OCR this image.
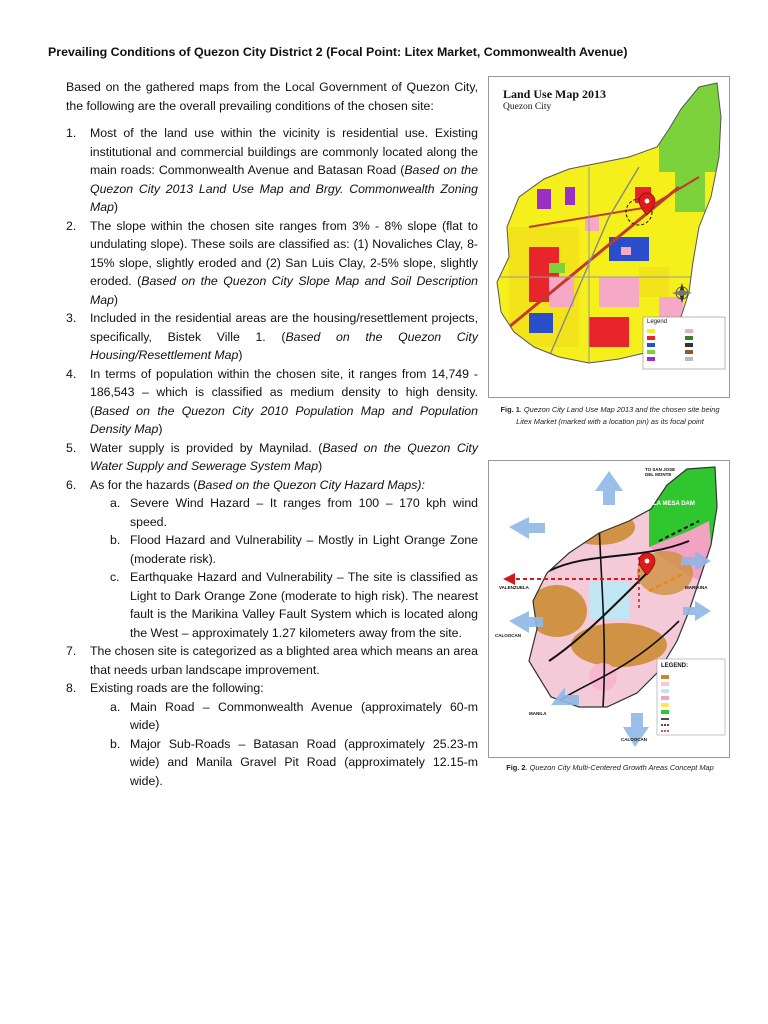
Prevailing Conditions of Quezon City District 2 (Focal Point: Litex Market, Commonwealth Avenue)

Based on the gathered maps from the Local Government of Quezon City, the following are the overall prevailing conditions of the chosen site:

1. Most of the land use within the vicinity is residential use. Existing institutional and commercial buildings are commonly located along the main roads: Commonwealth Avenue and Batasan Road (Based on the Quezon City 2013 Land Use Map and Brgy. Commonwealth Zoning Map)
2. The slope within the chosen site ranges from 3% - 8% slope (flat to undulating slope). These soils are classified as: (1) Novaliches Clay, 8-15% slope, slightly eroded and (2) San Luis Clay, 2-5% slope, slightly eroded. (Based on the Quezon City Slope Map and Soil Description Map)
3. Included in the residential areas are the housing/resettlement projects, specifically, Bistek Ville 1. (Based on the Quezon City Housing/Resettlement Map)
4. In terms of population within the chosen site, it ranges from 14,749 - 186,543 – which is classified as medium density to high density. (Based on the Quezon City 2010 Population Map and Population Density Map)
5. Water supply is provided by Maynilad. (Based on the Quezon City Water Supply and Sewerage System Map)
6. As for the hazards (Based on the Quezon City Hazard Maps):
a. Severe Wind Hazard – It ranges from 100 – 170 kph wind speed.
b. Flood Hazard and Vulnerability – Mostly in Light Orange Zone (moderate risk).
c. Earthquake Hazard and Vulnerability – The site is classified as Light to Dark Orange Zone (moderate to high risk). The nearest fault is the Marikina Valley Fault System which is located along the West – approximately 1.27 kilometers away from the site.
7. The chosen site is categorized as a blighted area which means an area that needs urban landscape improvement.
8. Existing roads are the following:
a. Main Road – Commonwealth Avenue (approximately 60-m wide)
b. Major Sub-Roads – Batasan Road (approximately 25.23-m wide) and Manila Gravel Pit Road (approximately 12.15-m wide).
Land Use Map 2013
Quezon City
Legend
Fig. 1. Quezon City Land Use Map 2013 and the chosen site being Litex Market (marked with a location pin) as its focal point
LA MESA DAM
TO SAN JOSE DEL MONTE
VALENZUELA
CALOOCAN
MARIKINA
MANILA
CALOOCAN
LEGEND:
Fig. 2. Quezon City Multi-Centered Growth Areas Concept Map
